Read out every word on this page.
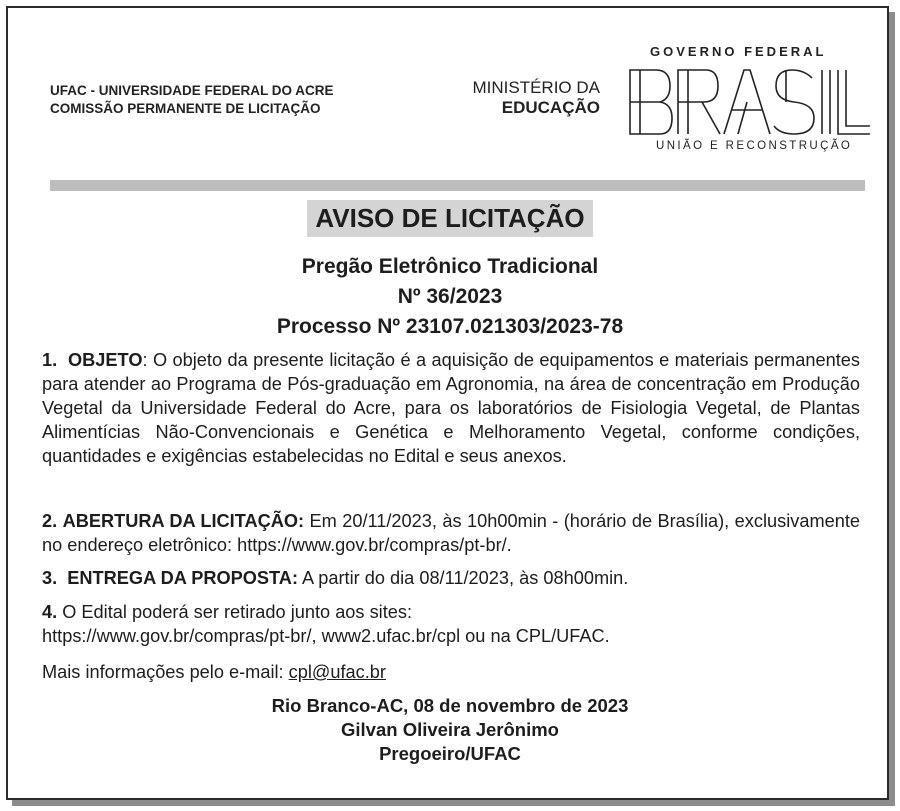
UFAC - UNIVERSIDADE FEDERAL DO ACRE
COMISSÃO PERMANENTE DE LICITAÇÃO
MINISTÉRIO DA
EDUCAÇÃO
GOVERNO FEDERAL
UNIÃO E RECONSTRUÇÃO
AVISO DE LICITAÇÃO
Pregão Eletrônico Tradicional
Nº 36/2023
Processo Nº 23107.021303/2023-78
1. OBJETO: O objeto da presente licitação é a aquisição de equipamentos e materiais permanentes para atender ao Programa de Pós-graduação em Agronomia, na área de concentração em Produção Vegetal da Universidade Federal do Acre, para os laboratórios de Fisiologia Vegetal, de Plantas Alimentícias Não-Convencionais e Genética e Melhoramento Vegetal, conforme condições, quantidades e exigências estabelecidas no Edital e seus anexos.
2. ABERTURA DA LICITAÇÃO: Em 20/11/2023, às 10h00min - (horário de Brasília), exclusivamente no endereço eletrônico: https://www.gov.br/compras/pt-br/.
3. ENTREGA DA PROPOSTA: A partir do dia 08/11/2023, às 08h00min.
4. O Edital poderá ser retirado junto aos sites:
https://www.gov.br/compras/pt-br/, www2.ufac.br/cpl ou na CPL/UFAC.
Mais informações pelo e-mail: cpl@ufac.br
Rio Branco-AC, 08 de novembro de 2023
Gilvan Oliveira Jerônimo
Pregoeiro/UFAC
